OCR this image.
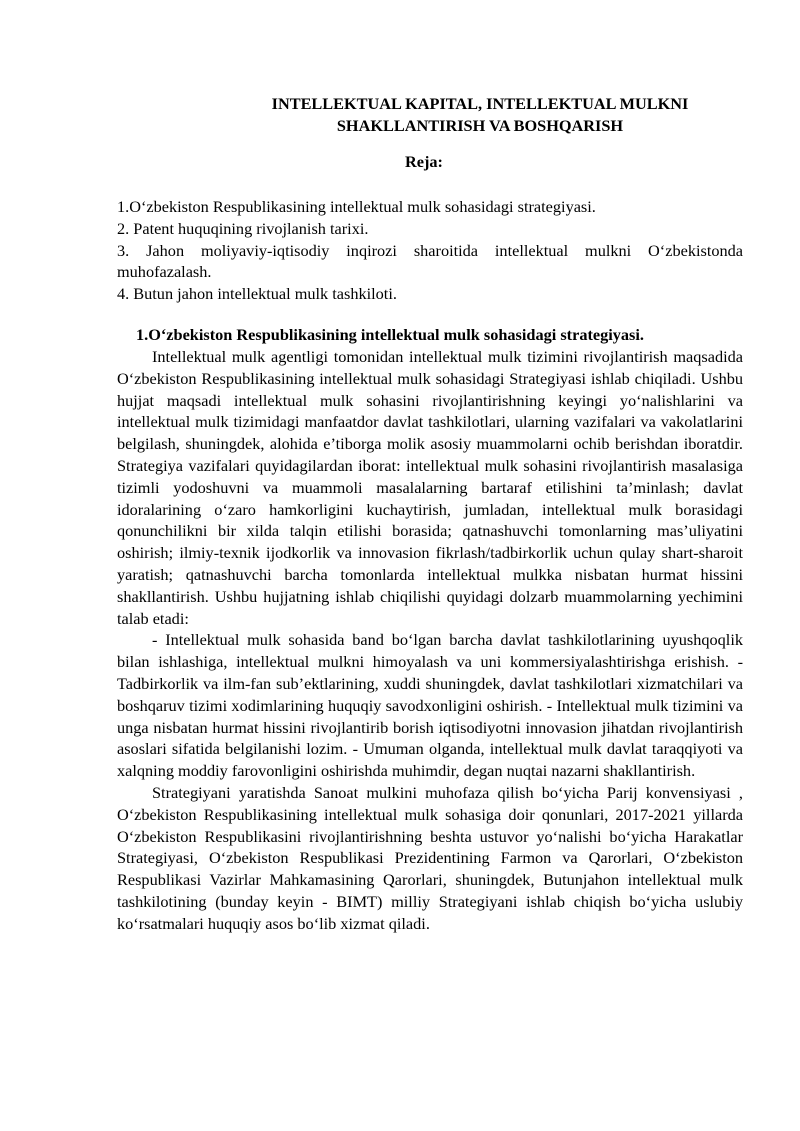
INTELLEKTUAL KAPITAL, INTELLEKTUAL MULKNI
SHAKLLANTIRISH VA BOSHQARISH
Reja:
1.O‘zbekiston Respublikasining intellektual mulk sohasidagi strategiyasi.
2. Patent huquqining rivojlanish tarixi.
3. Jahon moliyaviy-iqtisodiy inqirozi sharoitida intellektual mulkni O‘zbekistonda muhofazalash.
4. Butun jahon intellektual mulk tashkiloti.
1.O‘zbekiston Respublikasining intellektual mulk sohasidagi strategiyasi.

Intellektual mulk agentligi tomonidan intellektual mulk tizimini rivojlantirish maqsadida O‘zbekiston Respublikasining intellektual mulk sohasidagi Strategiyasi ishlab chiqiladi. Ushbu hujjat maqsadi intellektual mulk sohasini rivojlantirishning keyingi yo‘nalishlarini va intellektual mulk tizimidagi manfaatdor davlat tashkilotlari, ularning vazifalari va vakolatlarini belgilash, shuningdek, alohida e’tiborga molik asosiy muammolarni ochib berishdan iboratdir. Strategiya vazifalari quyidagilardan iborat: intellektual mulk sohasini rivojlantirish masalasiga tizimli yodoshuvni va muammoli masalalarning bartaraf etilishini ta’minlash; davlat idoralarining o‘zaro hamkorligini kuchaytirish, jumladan, intellektual mulk borasidagi qonunchilikni bir xilda talqin etilishi borasida; qatnashuvchi tomonlarning mas’uliyatini oshirish; ilmiy-texnik ijodkorlik va innovasion fikrlash/tadbirkorlik uchun qulay shart-sharoit yaratish; qatnashuvchi barcha tomonlarda intellektual mulkka nisbatan hurmat hissini shakllantirish. Ushbu hujjatning ishlab chiqilishi quyidagi dolzarb muammolarning yechimini talab etadi:

- Intellektual mulk sohasida band bo‘lgan barcha davlat tashkilotlarining uyushqoqlik bilan ishlashiga, intellektual mulkni himoyalash va uni kommersiyalashtirishga erishish. - Tadbirkorlik va ilm-fan sub’ektlarining, xuddi shuningdek, davlat tashkilotlari xizmatchilari va boshqaruv tizimi xodimlarining huquqiy savodxonligini oshirish. - Intellektual mulk tizimini va unga nisbatan hurmat hissini rivojlantirib borish iqtisodiyotni innovasion jihatdan rivojlantirish asoslari sifatida belgilanishi lozim. - Umuman olganda, intellektual mulk davlat taraqqiyoti va xalqning moddiy farovonligini oshirishda muhimdir, degan nuqtai nazarni shakllantirish.

Strategiyani yaratishda Sanoat mulkini muhofaza qilish bo‘yicha Parij konvensiyasi , O‘zbekiston Respublikasining intellektual mulk sohasiga doir qonunlari, 2017-2021 yillarda O‘zbekiston Respublikasini rivojlantirishning beshta ustuvor yo‘nalishi bo‘yicha Harakatlar Strategiyasi, O‘zbekiston Respublikasi Prezidentining Farmon va Qarorlari, O‘zbekiston Respublikasi Vazirlar Mahkamasining Qarorlari, shuningdek, Butunjahon intellektual mulk tashkilotining (bunday keyin - BIMT) milliy Strategiyani ishlab chiqish bo‘yicha uslubiy ko‘rsatmalari huquqiy asos bo‘lib xizmat qiladi.
